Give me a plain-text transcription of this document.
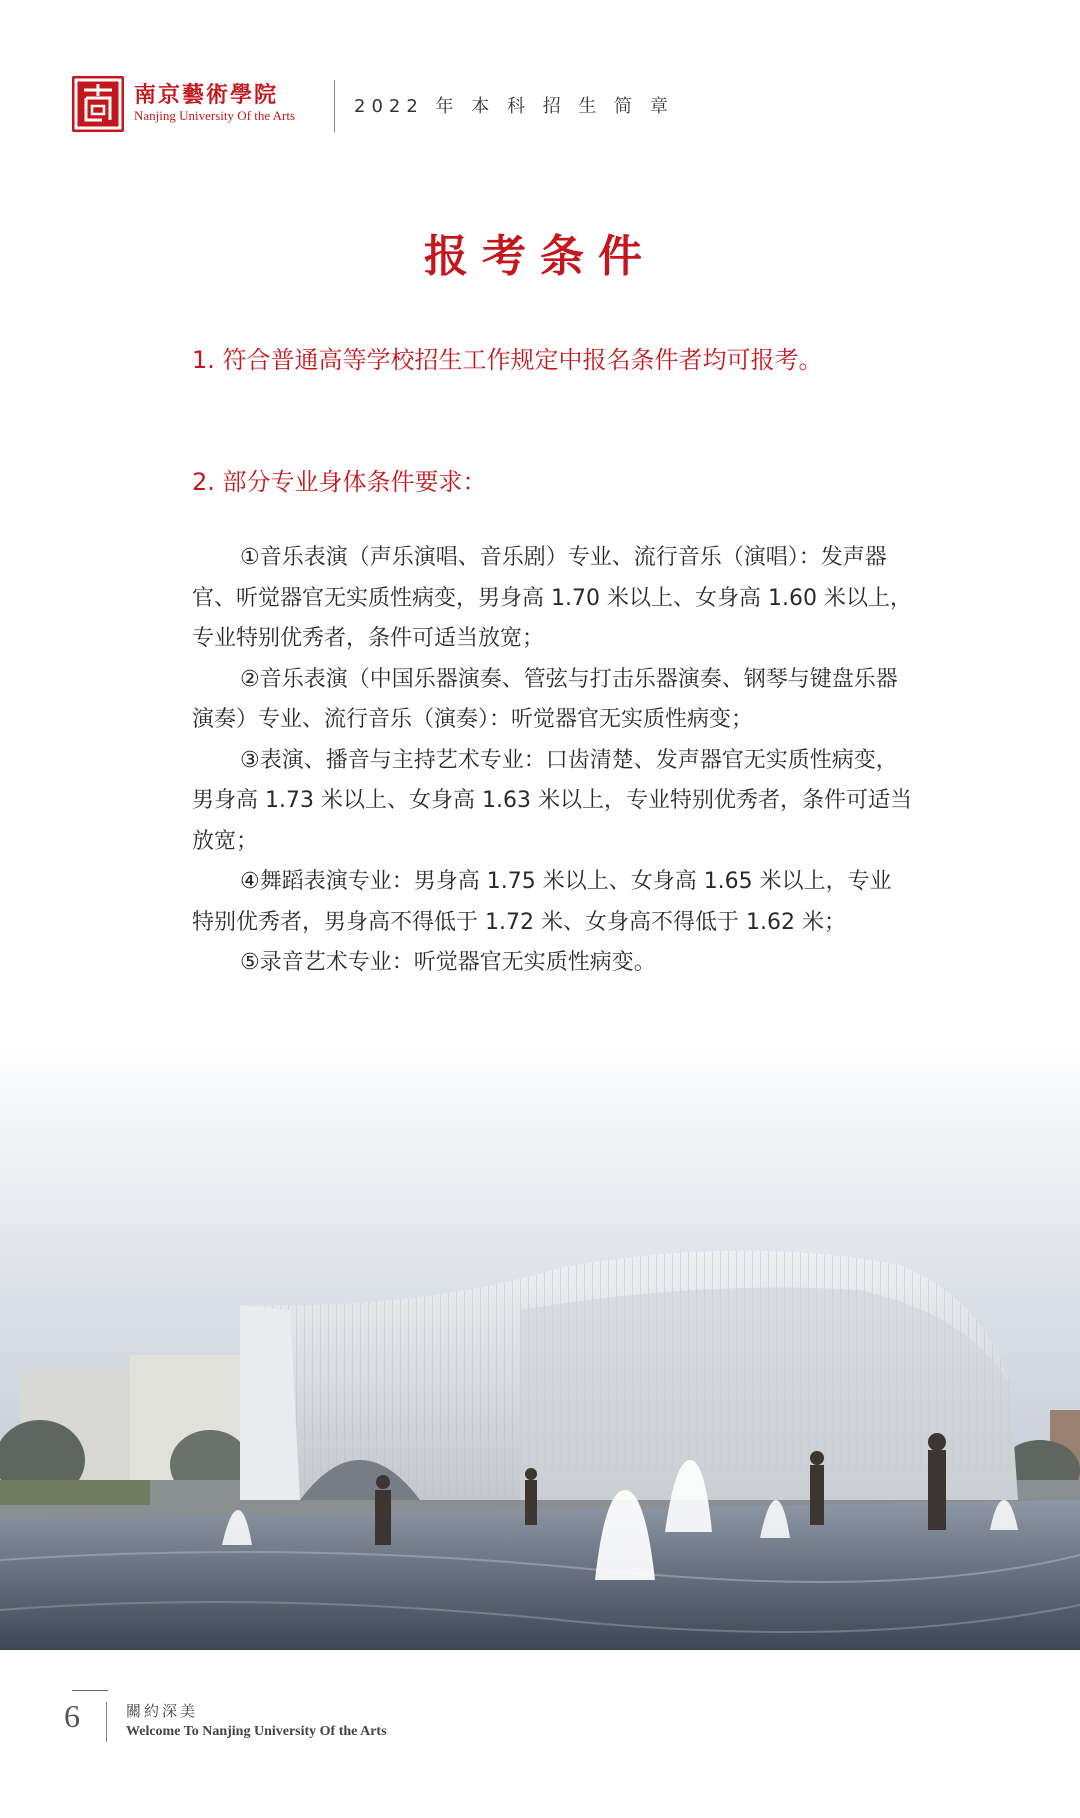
南京藝術學院
Nanjing University Of the Arts	2022 年 本 科 招 生 简 章
报考条件
1. 符合普通高等学校招生工作规定中报名条件者均可报考。
2. 部分专业身体条件要求：

①音乐表演（声乐演唱、音乐剧）专业、流行音乐（演唱）：发声器官、听觉器官无实质性病变，男身高 1.70 米以上、女身高 1.60 米以上，专业特别优秀者，条件可适当放宽；

②音乐表演（中国乐器演奏、管弦与打击乐器演奏、钢琴与键盘乐器演奏）专业、流行音乐（演奏）：听觉器官无实质性病变；

③表演、播音与主持艺术专业：口齿清楚、发声器官无实质性病变，男身高 1.73 米以上、女身高 1.63 米以上，专业特别优秀者，条件可适当放宽；

④舞蹈表演专业：男身高 1.75 米以上、女身高 1.65 米以上，专业特别优秀者，男身高不得低于 1.72 米、女身高不得低于 1.62 米；

⑤录音艺术专业：听觉器官无实质性病变。

6	關約深美
Welcome To Nanjing University Of the Arts
